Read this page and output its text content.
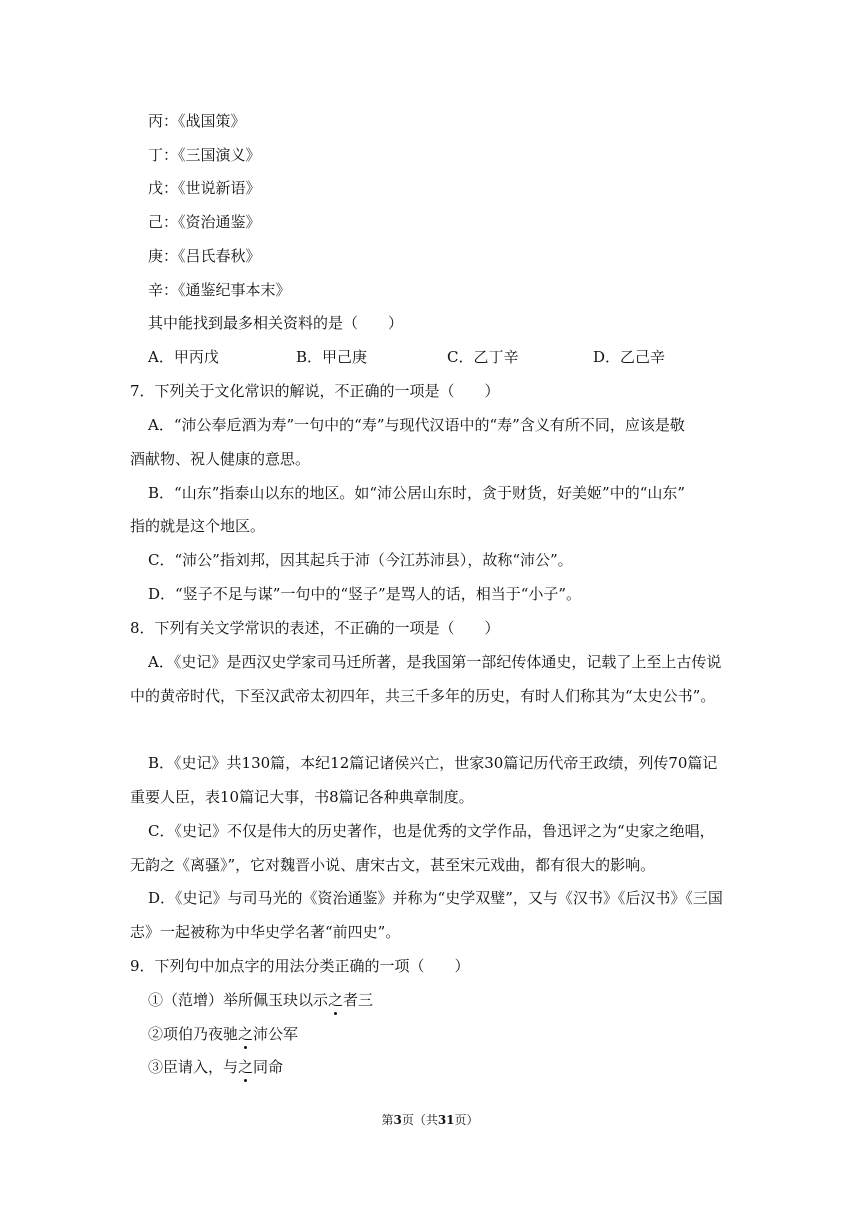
丙：《战国策》
丁：《三国演义》
戊：《世说新语》
己：《资治通鉴》
庚：《吕氏春秋》
辛：《通鉴纪事本末》
其中能找到最多相关资料的是（　　）
A．甲丙戊	B．甲己庚	C．乙丁辛	D．乙己辛
7．下列关于文化常识的解说，不正确的一项是（　　）
A．“沛公奉卮酒为寿”一句中的“寿”与现代汉语中的“寿”含义有所不同，应该是敬
酒献物、祝人健康的意思。
B．“山东”指泰山以东的地区。如“沛公居山东时，贪于财货，好美姬”中的“山东”
指的就是这个地区。
C．“沛公”指刘邦，因其起兵于沛（今江苏沛县），故称“沛公”。
D．“竖子不足与谋”一句中的“竖子”是骂人的话，相当于“小子”。
8．下列有关文学常识的表述，不正确的一项是（　　）
A．《史记》是西汉史学家司马迁所著，是我国第一部纪传体通史，记载了上至上古传说
中的黄帝时代，下至汉武帝太初四年，共三千多年的历史，有时人们称其为“太史公书”。
B．《史记》共130篇，本纪12篇记诸侯兴亡，世家30篇记历代帝王政绩，列传70篇记
重要人臣，表10篇记大事，书8篇记各种典章制度。
C．《史记》不仅是伟大的历史著作，也是优秀的文学作品，鲁迅评之为“史家之绝唱，
无韵之《离骚》”，它对魏晋小说、唐宋古文，甚至宋元戏曲，都有很大的影响。
D．《史记》与司马光的《资治通鉴》并称为“史学双璧”，又与《汉书》《后汉书》《三国
志》一起被称为中华史学名著“前四史”。
9．下列句中加点字的用法分类正确的一项（　　）
①（范增）举所佩玉玦以示之者三
②项伯乃夜驰之沛公军
③臣请入，与之同命
第3页（共31页）
